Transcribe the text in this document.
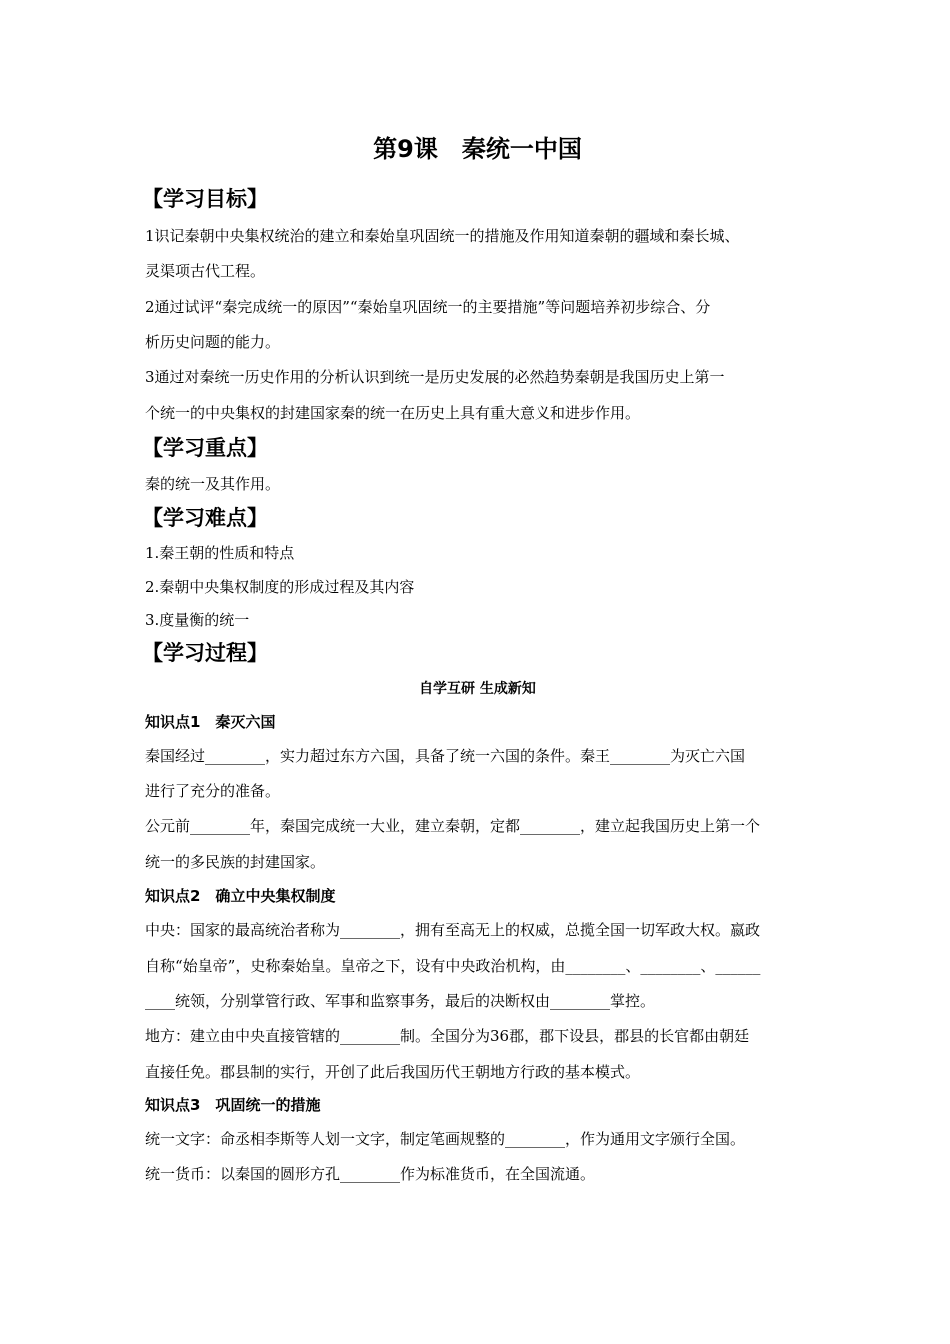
第9课　秦统一中国
【学习目标】
1识记秦朝中央集权统治的建立和秦始皇巩固统一的措施及作用知道秦朝的疆域和秦长城、
灵渠项古代工程。
2通过试评“秦完成统一的原因”“秦始皇巩固统一的主要措施”等问题培养初步综合、分
析历史问题的能力。
3通过对秦统一历史作用的分析认识到统一是历史发展的必然趋势秦朝是我国历史上第一
个统一的中央集权的封建国家秦的统一在历史上具有重大意义和进步作用。
【学习重点】
秦的统一及其作用。
【学习难点】
1.秦王朝的性质和特点
2.秦朝中央集权制度的形成过程及其内容
3.度量衡的统一
【学习过程】
自学互研 生成新知
知识点1　秦灭六国
秦国经过________，实力超过东方六国，具备了统一六国的条件。秦王________为灭亡六国
进行了充分的准备。
公元前________年，秦国完成统一大业，建立秦朝，定都________，建立起我国历史上第一个
统一的多民族的封建国家。
知识点2　确立中央集权制度
中央：国家的最高统治者称为________，拥有至高无上的权威，总揽全国一切军政大权。嬴政
自称“始皇帝”，史称秦始皇。皇帝之下，设有中央政治机构，由________、________、______
____统领，分别掌管行政、军事和监察事务，最后的决断权由________掌控。
地方：建立由中央直接管辖的________制。全国分为36郡，郡下设县，郡县的长官都由朝廷
直接任免。郡县制的实行，开创了此后我国历代王朝地方行政的基本模式。
知识点3　巩固统一的措施
统一文字：命丞相李斯等人划一文字，制定笔画规整的________，作为通用文字颁行全国。
统一货币：以秦国的圆形方孔________作为标准货币，在全国流通。
